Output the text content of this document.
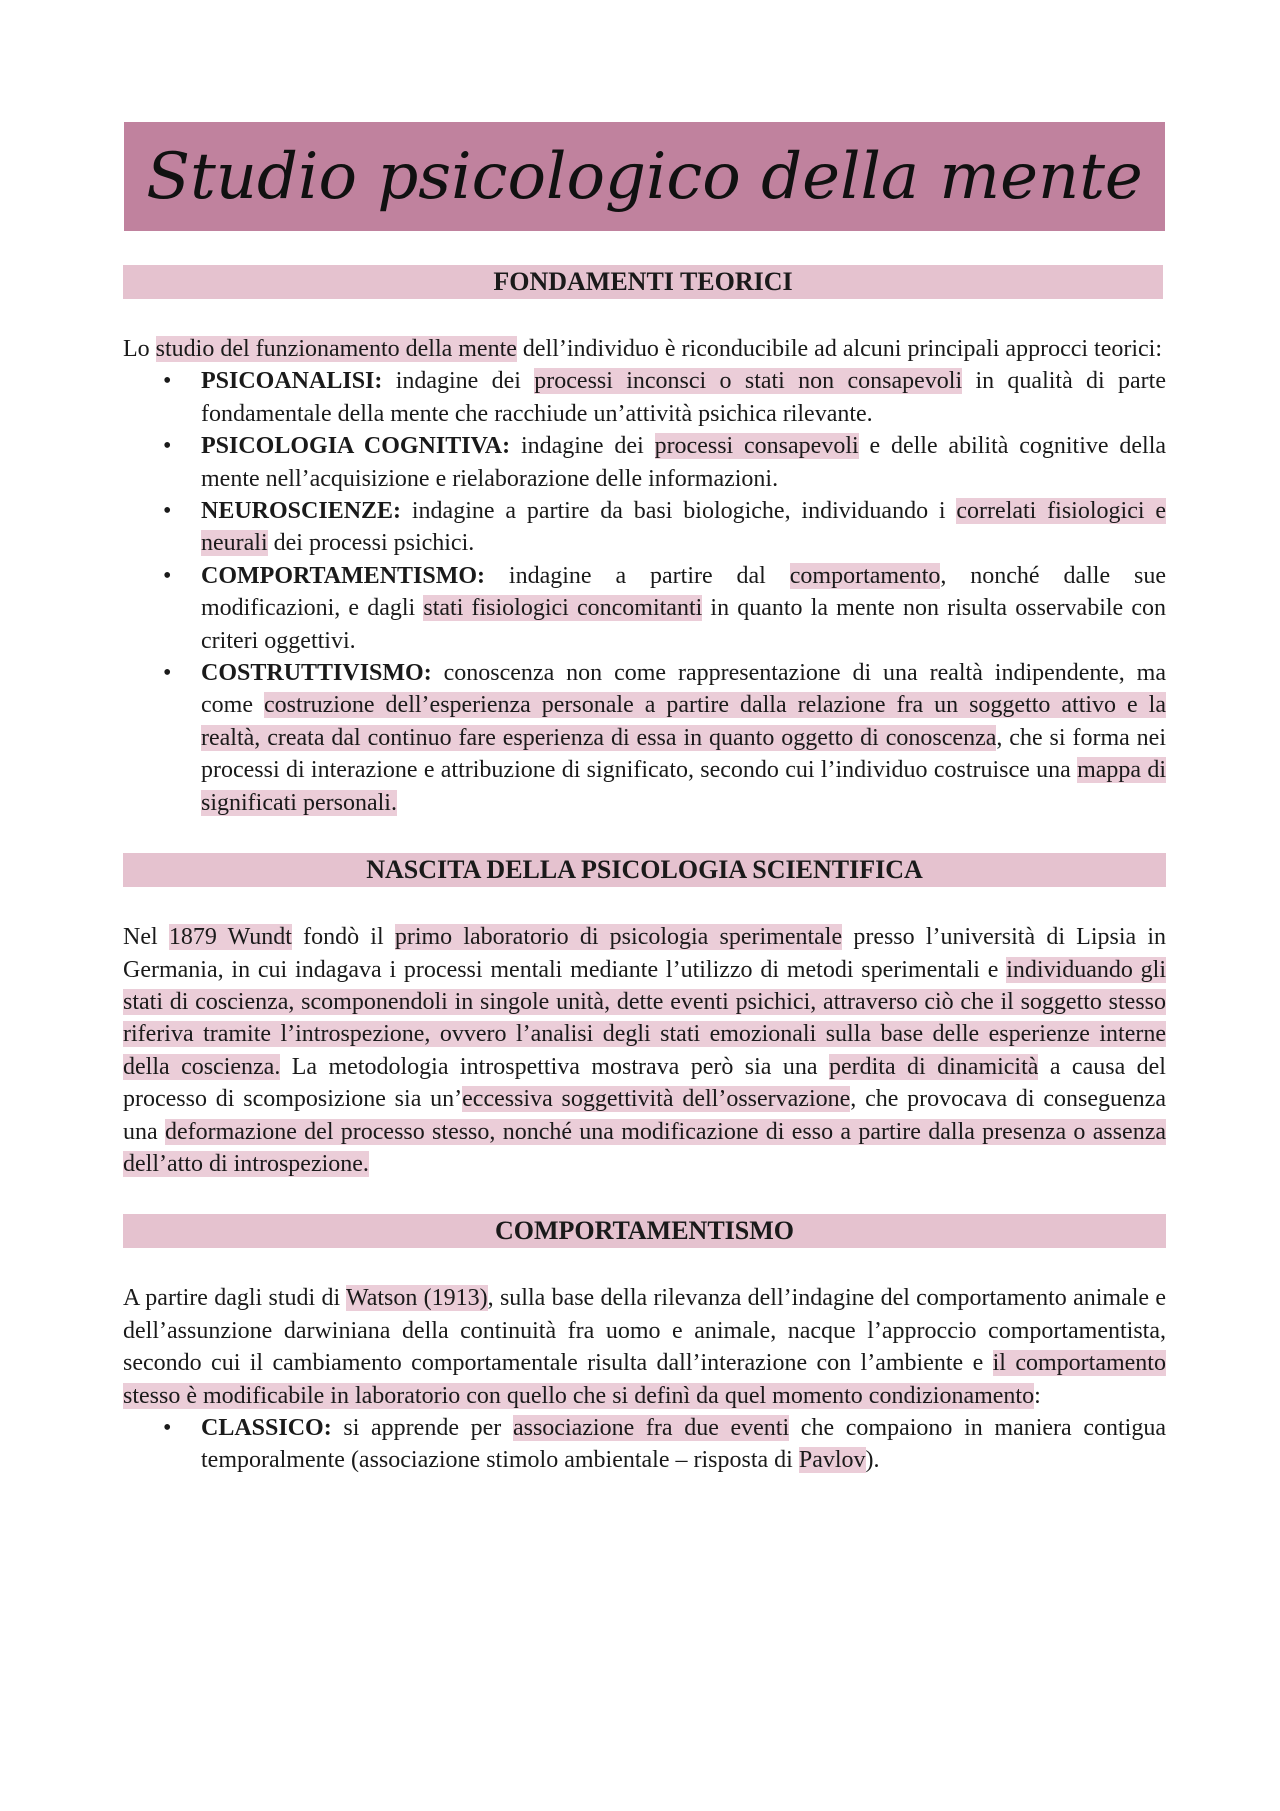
Studio psicologico della mente
FONDAMENTI TEORICI

Lo studio del funzionamento della mente dell’individuo è riconducibile ad alcuni principali approcci teorici:

• PSICOANALISI: indagine dei processi inconsci o stati non consapevoli in qualità di parte fondamentale della mente che racchiude un’attività psichica rilevante.
• PSICOLOGIA COGNITIVA: indagine dei processi consapevoli e delle abilità cognitive della mente nell’acquisizione e rielaborazione delle informazioni.
• NEUROSCIENZE: indagine a partire da basi biologiche, individuando i correlati fisiologici e neurali dei processi psichici.
• COMPORTAMENTISMO: indagine a partire dal comportamento, nonché dalle sue modificazioni, e dagli stati fisiologici concomitanti in quanto la mente non risulta osservabile con criteri oggettivi.
• COSTRUTTIVISMO: conoscenza non come rappresentazione di una realtà indipendente, ma come costruzione dell’esperienza personale a partire dalla relazione fra un soggetto attivo e la realtà, creata dal continuo fare esperienza di essa in quanto oggetto di conoscenza, che si forma nei processi di interazione e attribuzione di significato, secondo cui l’individuo costruisce una mappa di significati personali.
NASCITA DELLA PSICOLOGIA SCIENTIFICA

Nel 1879 Wundt fondò il primo laboratorio di psicologia sperimentale presso l’università di Lipsia in Germania, in cui indagava i processi mentali mediante l’utilizzo di metodi sperimentali e individuando gli stati di coscienza, scomponendoli in singole unità, dette eventi psichici, attraverso ciò che il soggetto stesso riferiva tramite l’introspezione, ovvero l’analisi degli stati emozionali sulla base delle esperienze interne della coscienza. La metodologia introspettiva mostrava però sia una perdita di dinamicità a causa del processo di scomposizione sia un’eccessiva soggettività dell’osservazione, che provocava di conseguenza una deformazione del processo stesso, nonché una modificazione di esso a partire dalla presenza o assenza dell’atto di introspezione.

COMPORTAMENTISMO

A partire dagli studi di Watson (1913), sulla base della rilevanza dell’indagine del comportamento animale e dell’assunzione darwiniana della continuità fra uomo e animale, nacque l’approccio comportamentista, secondo cui il cambiamento comportamentale risulta dall’interazione con l’ambiente e il comportamento stesso è modificabile in laboratorio con quello che si definì da quel momento condizionamento:

• CLASSICO: si apprende per associazione fra due eventi che compaiono in maniera contigua temporalmente (associazione stimolo ambientale – risposta di Pavlov).
